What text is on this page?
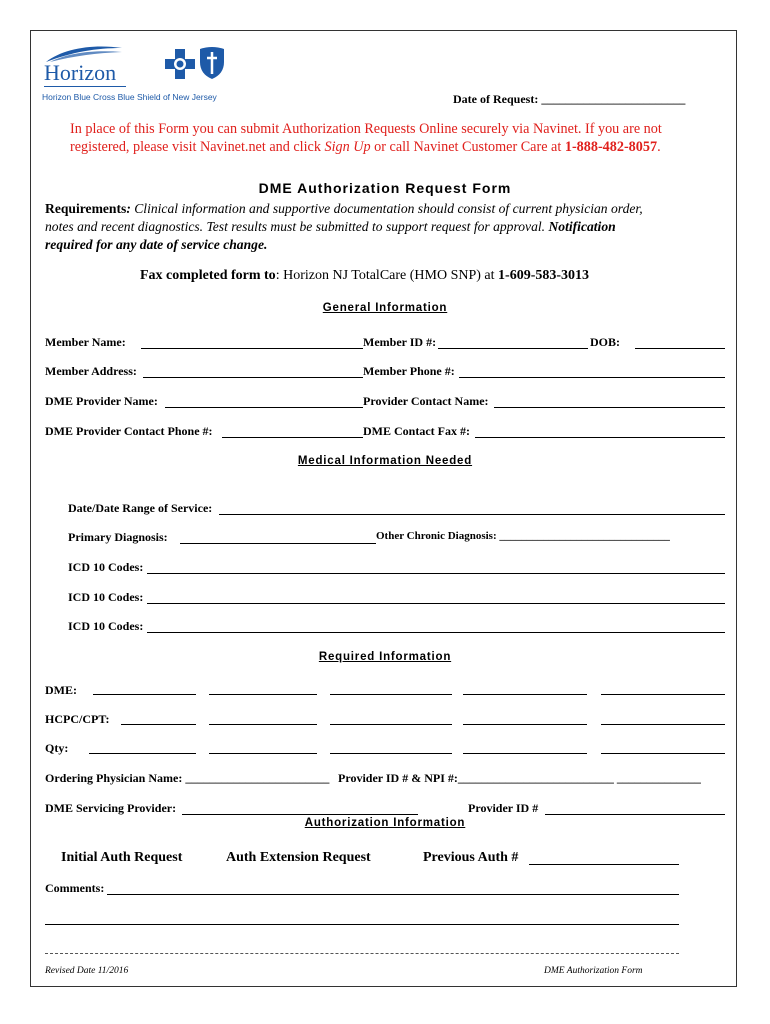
Horizon
Horizon Blue Cross Blue Shield of New Jersey	Date of Request: ________________________
In place of this Form you can submit Authorization Requests Online securely via Navinet. If you are not
registered, please visit Navinet.net and click Sign Up or call Navinet Customer Care at 1-888-482-8057.
DME Authorization Request Form
Requirements: Clinical information and supportive documentation should consist of current physician order,
notes and recent diagnostics. Test results must be submitted to support request for approval. Notification
required for any date of service change.
Fax completed form to: Horizon NJ TotalCare (HMO SNP) at 1-609-583-3013
General Information
Member Name:	Member ID #:	DOB:
Member Address:	Member Phone #:
DME Provider Name:	Provider Contact Name:
DME Provider Contact Phone #:	DME Contact Fax #:
Medical Information Needed
Date/Date Range of Service:
Primary Diagnosis:	Other Chronic Diagnosis: _______________________________
ICD 10 Codes:
ICD 10 Codes:
ICD 10 Codes:
Required Information
DME:
HCPC/CPT:
Qty:
Ordering Physician Name: ________________________ Provider ID # & NPI #:__________________________ ______________
DME Servicing Provider:	Provider ID #
Authorization Information
Initial Auth Request	Auth Extension Request	Previous Auth #
Comments:
Revised Date 11/2016	DME Authorization Form
